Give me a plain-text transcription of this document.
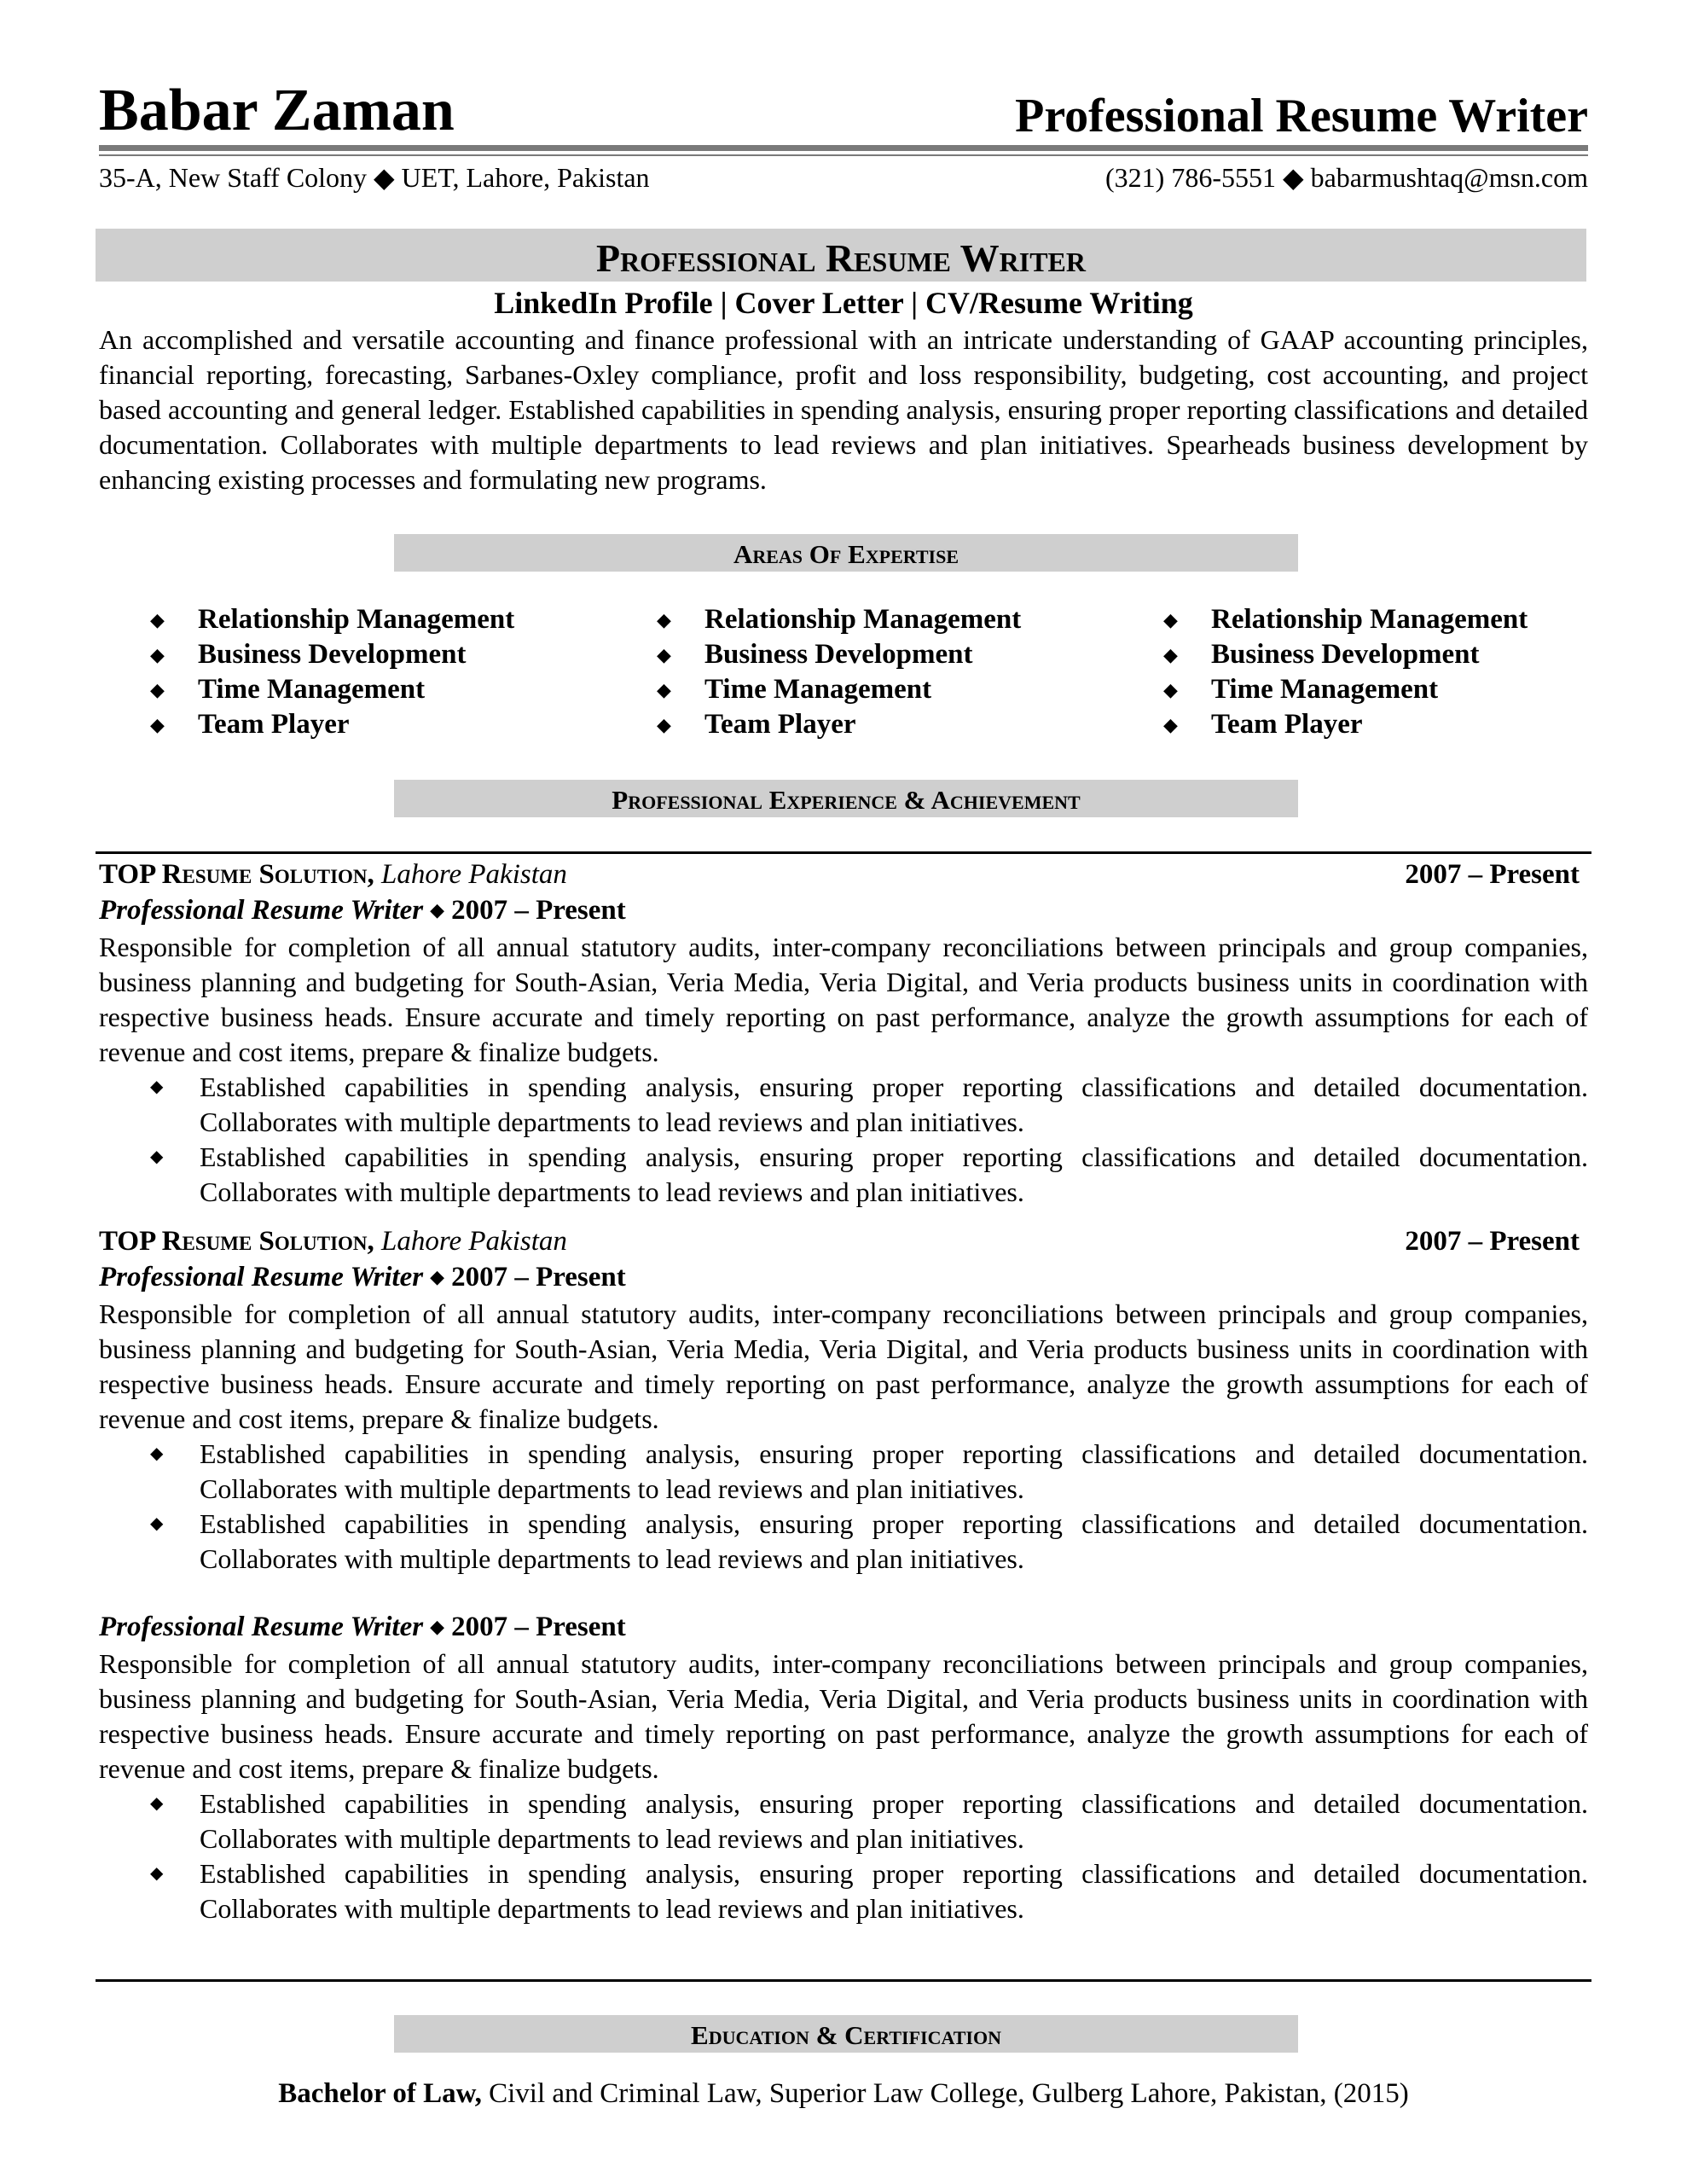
Babar Zaman	Professional Resume Writer
35-A, New Staff Colony ◆ UET, Lahore, Pakistan	(321) 786-5551 ◆ babarmushtaq@msn.com
Professional Resume Writer
LinkedIn Profile | Cover Letter | CV/Resume Writing
An accomplished and versatile accounting and finance professional with an intricate understanding of GAAP accounting principles, financial reporting, forecasting, Sarbanes-Oxley compliance, profit and loss responsibility, budgeting, cost accounting, and project based accounting and general ledger. Established capabilities in spending analysis, ensuring proper reporting classifications and detailed documentation. Collaborates with multiple departments to lead reviews and plan initiatives. Spearheads business development by enhancing existing processes and formulating new programs.
Areas Of Expertise
◆ Relationship Management
◆ Business Development
◆ Time Management
◆ Team Player
◆ Relationship Management
◆ Business Development
◆ Time Management
◆ Team Player
◆ Relationship Management
◆ Business Development
◆ Time Management
◆ Team Player
Professional Experience & Achievement
TOP Resume Solution, Lahore Pakistan	2007 – Present
Professional Resume Writer ◆ 2007 – Present
Responsible for completion of all annual statutory audits, inter-company reconciliations between principals and group companies, business planning and budgeting for South-Asian, Veria Media, Veria Digital, and Veria products business units in coordination with respective business heads. Ensure accurate and timely reporting on past performance, analyze the growth assumptions for each of revenue and cost items, prepare & finalize budgets.
◆ Established capabilities in spending analysis, ensuring proper reporting classifications and detailed documentation. Collaborates with multiple departments to lead reviews and plan initiatives.
◆ Established capabilities in spending analysis, ensuring proper reporting classifications and detailed documentation. Collaborates with multiple departments to lead reviews and plan initiatives.
TOP Resume Solution, Lahore Pakistan	2007 – Present
Professional Resume Writer ◆ 2007 – Present
Responsible for completion of all annual statutory audits, inter-company reconciliations between principals and group companies, business planning and budgeting for South-Asian, Veria Media, Veria Digital, and Veria products business units in coordination with respective business heads. Ensure accurate and timely reporting on past performance, analyze the growth assumptions for each of revenue and cost items, prepare & finalize budgets.
◆ Established capabilities in spending analysis, ensuring proper reporting classifications and detailed documentation. Collaborates with multiple departments to lead reviews and plan initiatives.
◆ Established capabilities in spending analysis, ensuring proper reporting classifications and detailed documentation. Collaborates with multiple departments to lead reviews and plan initiatives.
Professional Resume Writer ◆ 2007 – Present
Responsible for completion of all annual statutory audits, inter-company reconciliations between principals and group companies, business planning and budgeting for South-Asian, Veria Media, Veria Digital, and Veria products business units in coordination with respective business heads. Ensure accurate and timely reporting on past performance, analyze the growth assumptions for each of revenue and cost items, prepare & finalize budgets.
◆ Established capabilities in spending analysis, ensuring proper reporting classifications and detailed documentation. Collaborates with multiple departments to lead reviews and plan initiatives.
◆ Established capabilities in spending analysis, ensuring proper reporting classifications and detailed documentation. Collaborates with multiple departments to lead reviews and plan initiatives.
Education & Certification
Bachelor of Law, Civil and Criminal Law, Superior Law College, Gulberg Lahore, Pakistan, (2015)
